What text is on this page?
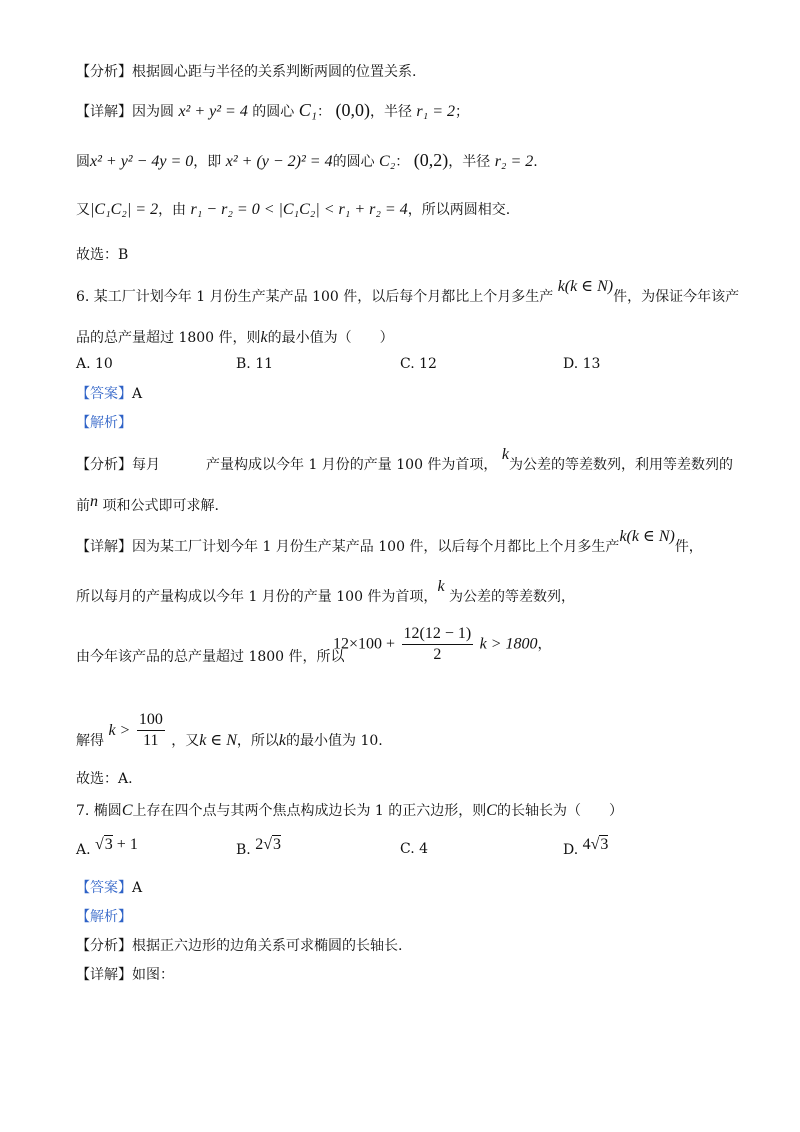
【分析】根据圆心距与半径的关系判断两圆的位置关系.
【详解】因为圆 x² + y² = 4 的圆心 C₁： (0,0)，半径 r₁ = 2；
圆x² + y² − 4y = 0，即 x² + (y − 2)² = 4的圆心 C₂： (0,2)，半径 r₂ = 2.
又|C₁C₂| = 2，由 r₁ − r₂ = 0 < |C₁C₂| < r₁ + r₂ = 4，所以两圆相交.
故选：B
6. 某工厂计划今年 1 月份生产某产品 100 件，以后每个月都比上个月多生产 k(k ∈ N)件，为保证今年该产
品的总产量超过 1800 件，则k的最小值为（　　）
A. 10	B. 11	C. 12	D. 13
【答案】A
【解析】
【分析】每月	产量构成以今年 1 月份的产量 100 件为首项， k为公差的等差数列，利用等差数列的
前n 项和公式即可求解.
【详解】因为某工厂计划今年 1 月份生产某产品 100 件，以后每个月都比上个月多生产k(k ∈ N)件，
所以每月的产量构成以今年 1 月份的产量 100 件为首项，k 为公差的等差数列，
由今年该产品的总产量超过 1800 件，所以
$12\times 100 + \frac{12(12 - 1)}{2}$ k > 1800，
解得 $k > \frac{100}{11}$ ，又k ∈ N，所以k的最小值为 10.
故选：A.
7. 椭圆C上存在四个点与其两个焦点构成边长为 1 的正六边形，则C的长轴长为（　　）
A. √3 + 1	B. 2√3	C. 4	D. 4√3
【答案】A
【解析】
【分析】根据正六边形的边角关系可求椭圆的长轴长.
【详解】如图：
